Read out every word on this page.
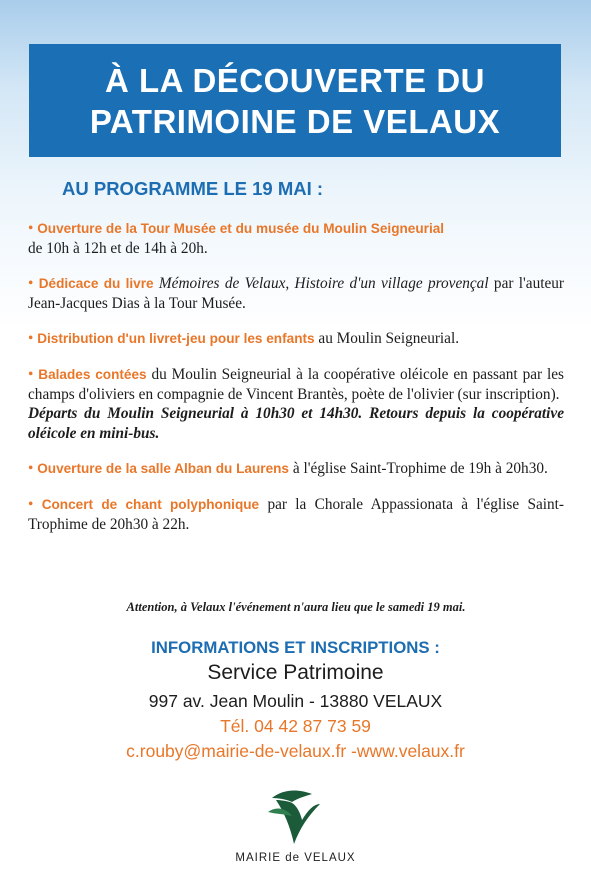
À LA DÉCOUVERTE DU
PATRIMOINE DE VELAUX
AU PROGRAMME LE 19 MAI :
• Ouverture de la Tour Musée et du musée du Moulin Seigneurial
de 10h à 12h et de 14h à 20h.
• Dédicace du livre Mémoires de Velaux, Histoire d'un village provençal par l'auteur Jean-Jacques Dias à la Tour Musée.
• Distribution d'un livret-jeu pour les enfants au Moulin Seigneurial.
• Balades contées du Moulin Seigneurial à la coopérative oléicole en passant par les champs d'oliviers en compagnie de Vincent Brantès, poète de l'olivier (sur inscription).
Départs du Moulin Seigneurial à 10h30 et 14h30. Retours depuis la coopérative oléicole en mini-bus.
• Ouverture de la salle Alban du Laurens à l'église Saint-Trophime de 19h à 20h30.
• Concert de chant polyphonique par la Chorale Appassionata à l'église Saint-Trophime de 20h30 à 22h.
Attention, à Velaux l'événement n'aura lieu que le samedi 19 mai.
INFORMATIONS ET INSCRIPTIONS :
Service Patrimoine
997 av. Jean Moulin - 13880 VELAUX
Tél. 04 42 87 73 59
c.rouby@mairie-de-velaux.fr -www.velaux.fr
MAIRIE de VELAUX
